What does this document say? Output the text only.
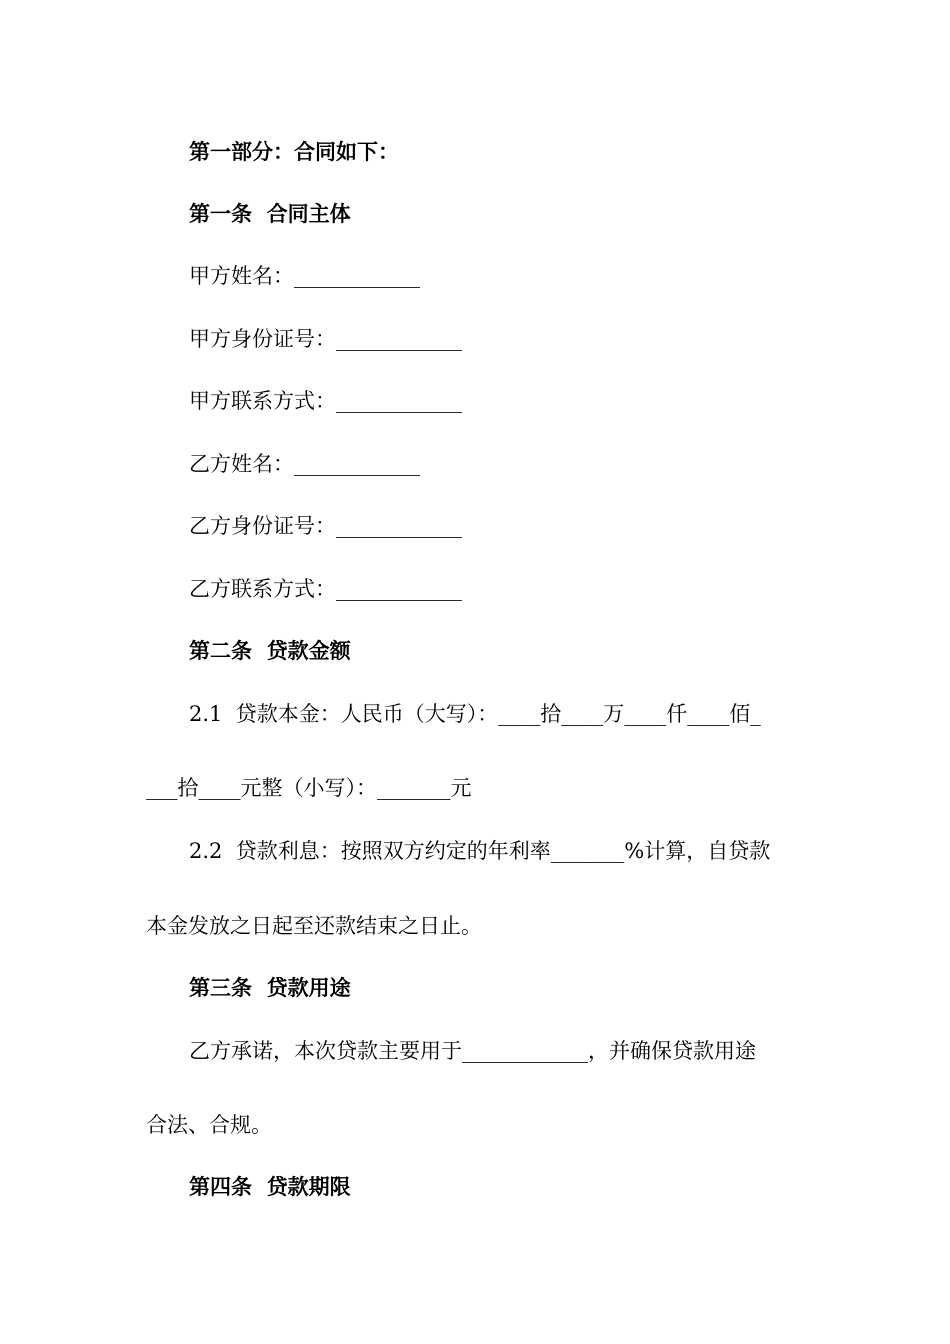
第一部分：合同如下：
第一条  合同主体
甲方姓名：____________
甲方身份证号：____________
甲方联系方式：____________
乙方姓名：____________
乙方身份证号：____________
乙方联系方式：____________
第二条  贷款金额
2.1  贷款本金：人民币（大写）：____拾____万____仟____佰_
___拾____元整（小写）：_______元
2.2  贷款利息：按照双方约定的年利率_______%计算，自贷款
本金发放之日起至还款结束之日止。
第三条  贷款用途
乙方承诺，本次贷款主要用于____________，并确保贷款用途
合法、合规。
第四条  贷款期限
